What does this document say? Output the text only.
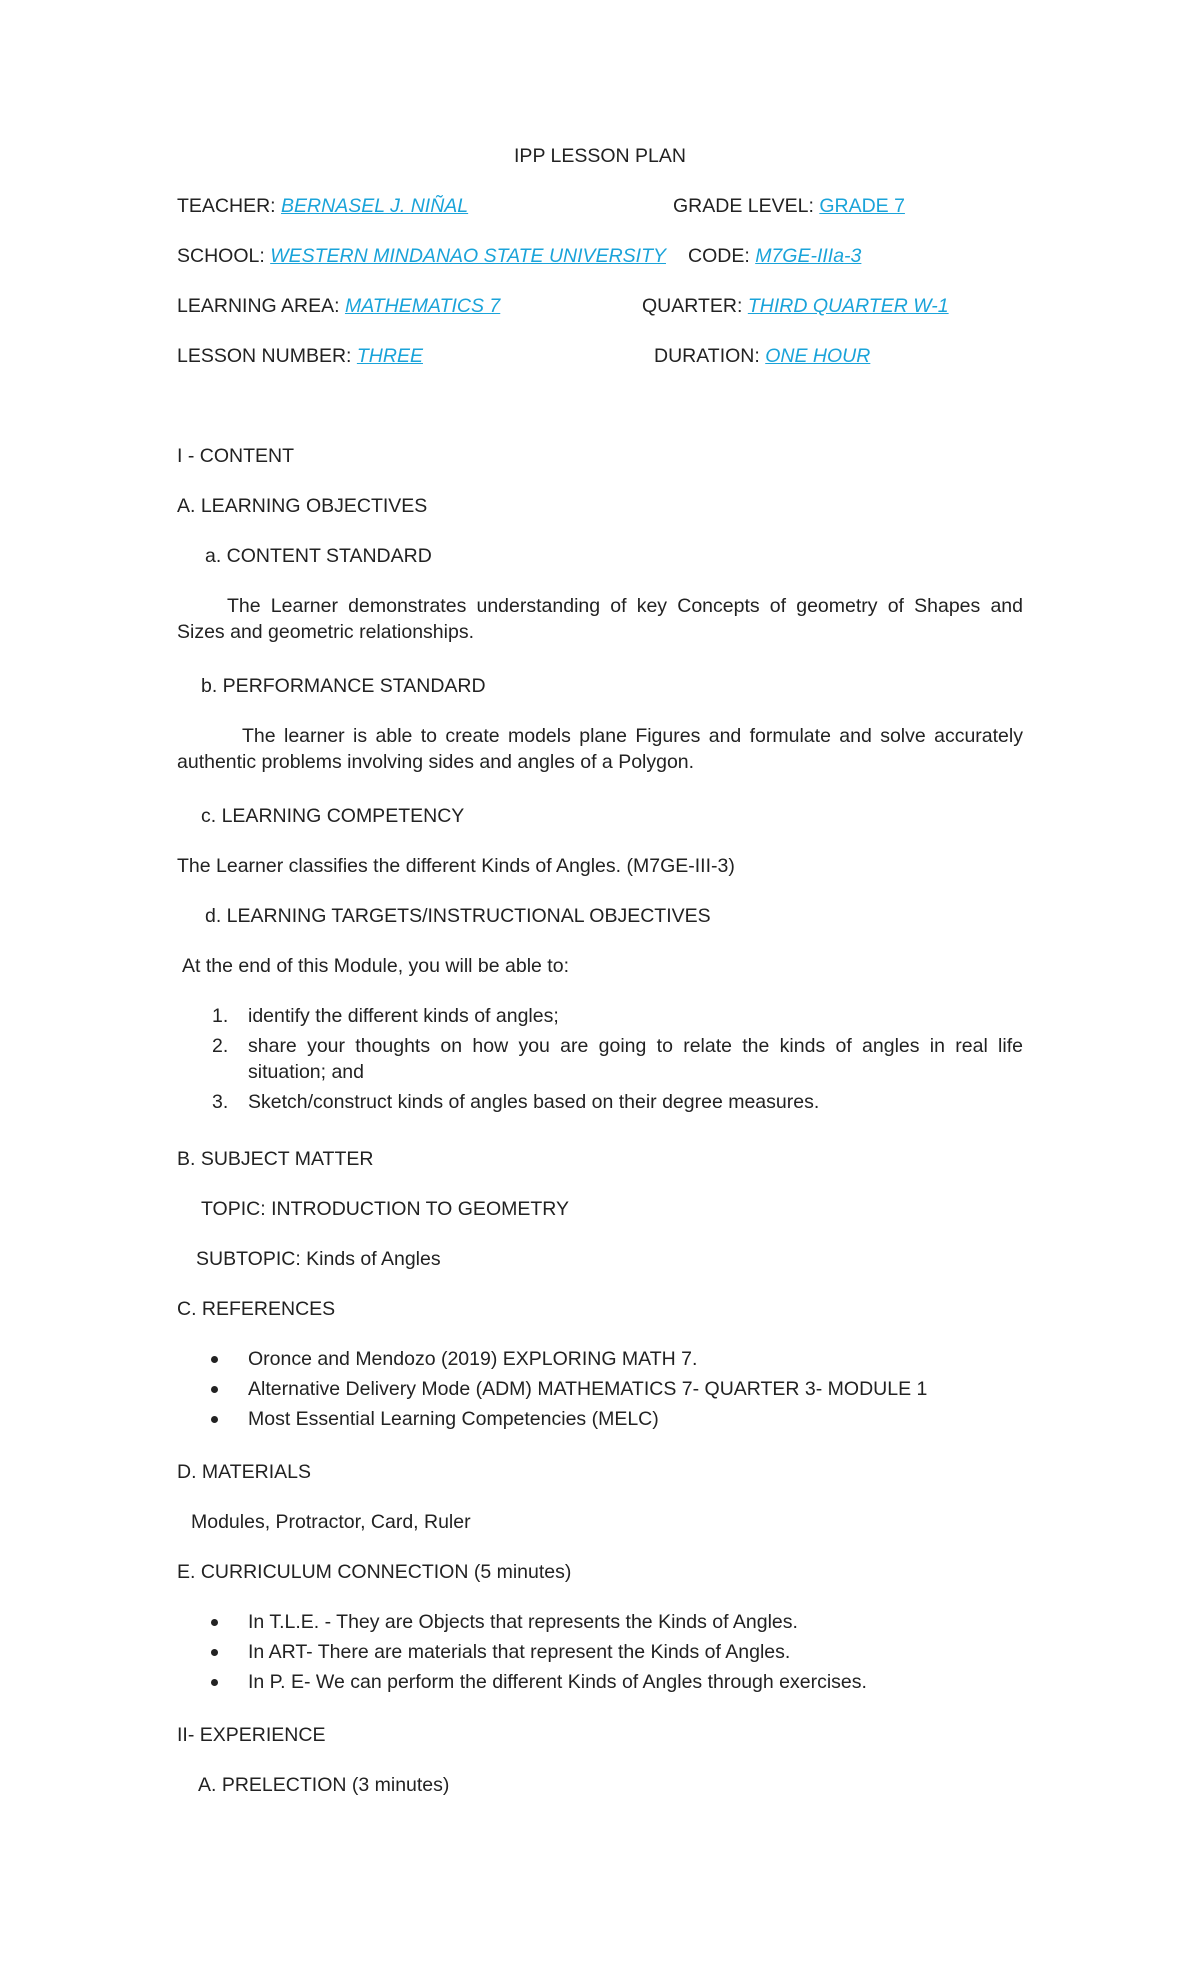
IPP LESSON PLAN
TEACHER: BERNASEL J. NIÑAL	GRADE LEVEL: GRADE 7
SCHOOL: WESTERN MINDANAO STATE UNIVERSITY CODE: M7GE-IIIa-3
LEARNING AREA: MATHEMATICS 7	QUARTER: THIRD QUARTER W-1
LESSON NUMBER: THREE	DURATION: ONE HOUR
I - CONTENT
A. LEARNING OBJECTIVES
a. CONTENT STANDARD
The Learner demonstrates understanding of key Concepts of geometry of Shapes and Sizes and geometric relationships.
b. PERFORMANCE STANDARD
The learner is able to create models plane Figures and formulate and solve accurately authentic problems involving sides and angles of a Polygon.
c. LEARNING COMPETENCY
The Learner classifies the different Kinds of Angles. (M7GE-III-3)
d. LEARNING TARGETS/INSTRUCTIONAL OBJECTIVES
At the end of this Module, you will be able to:
1. identify the different kinds of angles;
2. share your thoughts on how you are going to relate the kinds of angles in real life situation; and
3. Sketch/construct kinds of angles based on their degree measures.
B. SUBJECT MATTER
TOPIC: INTRODUCTION TO GEOMETRY
SUBTOPIC: Kinds of Angles
C. REFERENCES
Oronce and Mendozo (2019) EXPLORING MATH 7.
Alternative Delivery Mode (ADM) MATHEMATICS 7- QUARTER 3- MODULE 1
Most Essential Learning Competencies (MELC)
D. MATERIALS
Modules, Protractor, Card, Ruler
E. CURRICULUM CONNECTION (5 minutes)
In T.L.E. - They are Objects that represents the Kinds of Angles.
In ART- There are materials that represent the Kinds of Angles.
In P. E- We can perform the different Kinds of Angles through exercises.
II- EXPERIENCE
A. PRELECTION (3 minutes)
